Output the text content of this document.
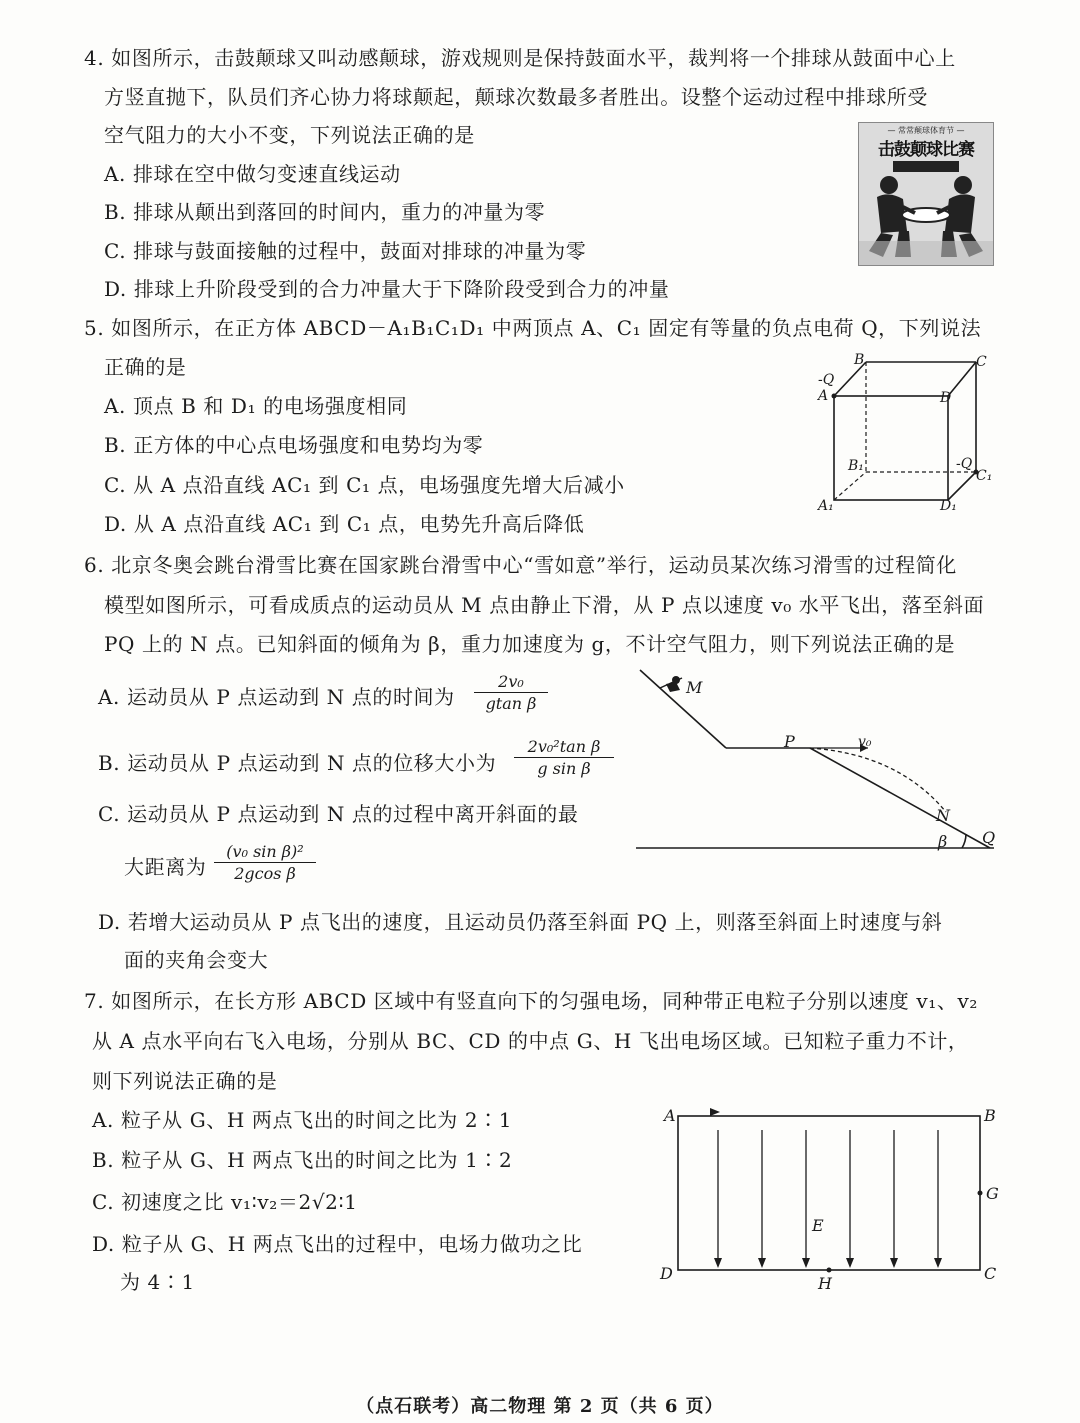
4. 如图所示，击鼓颠球又叫动感颠球，游戏规则是保持鼓面水平，裁判将一个排球从鼓面中心上
方竖直抛下，队员们齐心协力将球颠起，颠球次数最多者胜出。设整个运动过程中排球所受
空气阻力的大小不变，下列说法正确的是
A. 排球在空中做匀变速直线运动
B. 排球从颠出到落回的时间内，重力的冲量为零
C. 排球与鼓面接触的过程中，鼓面对排球的冲量为零
D. 排球上升阶段受到的合力冲量大于下降阶段受到合力的冲量
— 常常颠球体育节 —
击鼓颠球比赛
5. 如图所示，在正方体 ABCD－A₁B₁C₁D₁ 中两顶点 A、C₁ 固定有等量的负点电荷 Q，下列说法
正确的是
A. 顶点 B 和 D₁ 的电场强度相同
B. 正方体的中心点电场强度和电势均为零
C. 从 A 点沿直线 AC₁ 到 C₁ 点，电场强度先增大后减小
D. 从 A 点沿直线 AC₁ 到 C₁ 点，电势先升高后降低
B	C
-Q
A	D
B₁	-Q
C₁
A₁	D₁
6. 北京冬奥会跳台滑雪比赛在国家跳台滑雪中心“雪如意”举行，运动员某次练习滑雪的过程简化
模型如图所示，可看成质点的运动员从 M 点由静止下滑，从 P 点以速度 v₀ 水平飞出，落至斜面
PQ 上的 N 点。已知斜面的倾角为 β，重力加速度为 g，不计空气阻力，则下列说法正确的是
A. 运动员从 P 点运动到 N 点的时间为
2v₀
gtan β
B. 运动员从 P 点运动到 N 点的位移大小为
2v₀²tan β
g sin β
C. 运动员从 P 点运动到 N 点的过程中离开斜面的最
大距离为
(v₀ sin β)²
2gcos β
D. 若增大运动员从 P 点飞出的速度，且运动员仍落至斜面 PQ 上，则落至斜面上时速度与斜
面的夹角会变大
M
P	v₀
N
β Q
7. 如图所示，在长方形 ABCD 区域中有竖直向下的匀强电场，同种带正电粒子分别以速度 v₁、v₂
从 A 点水平向右飞入电场，分别从 BC、CD 的中点 G、H 飞出电场区域。已知粒子重力不计，
则下列说法正确的是
A. 粒子从 G、H 两点飞出的时间之比为 2∶1
B. 粒子从 G、H 两点飞出的时间之比为 1∶2
C. 初速度之比 v₁∶v₂＝2√2∶1
D. 粒子从 G、H 两点飞出的过程中，电场力做功之比
为 4∶1
A	B
G
E
D	C
H
（点石联考）高二物理 第 2 页（共 6 页）
